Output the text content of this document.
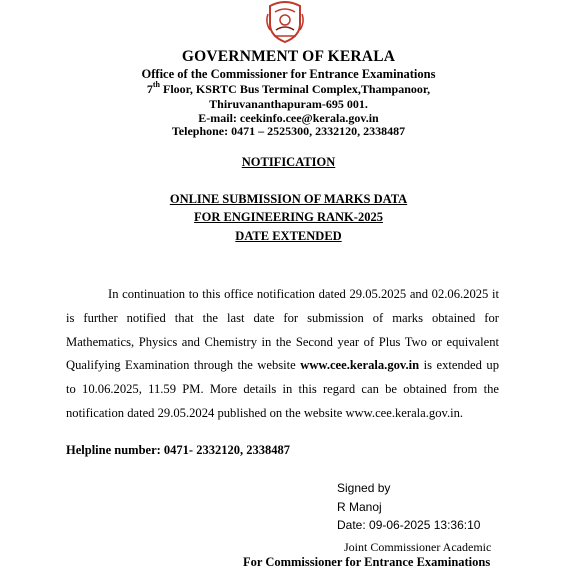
GOVERNMENT OF KERALA
Office of the Commissioner for Entrance Examinations
7th Floor, KSRTC Bus Terminal Complex,Thampanoor,
Thiruvananthapuram-695 001.
E-mail: ceekinfo.cee@kerala.gov.in
Telephone: 0471 – 2525300, 2332120, 2338487
NOTIFICATION
ONLINE SUBMISSION OF MARKS DATA
FOR ENGINEERING RANK-2025
DATE EXTENDED
In continuation to this office notification dated 29.05.2025 and 02.06.2025 it is further notified that the last date for submission of marks obtained for Mathematics, Physics and Chemistry in the Second year of Plus Two or equivalent Qualifying Examination through the website www.cee.kerala.gov.in is extended up to 10.06.2025, 11.59 PM. More details in this regard can be obtained from the notification dated 29.05.2024 published on the website www.cee.kerala.gov.in.
Helpline number: 0471- 2332120, 2338487
Signed by
R Manoj
Date: 09-06-2025 13:36:10
Joint Commissioner Academic
For Commissioner for Entrance Examinations
